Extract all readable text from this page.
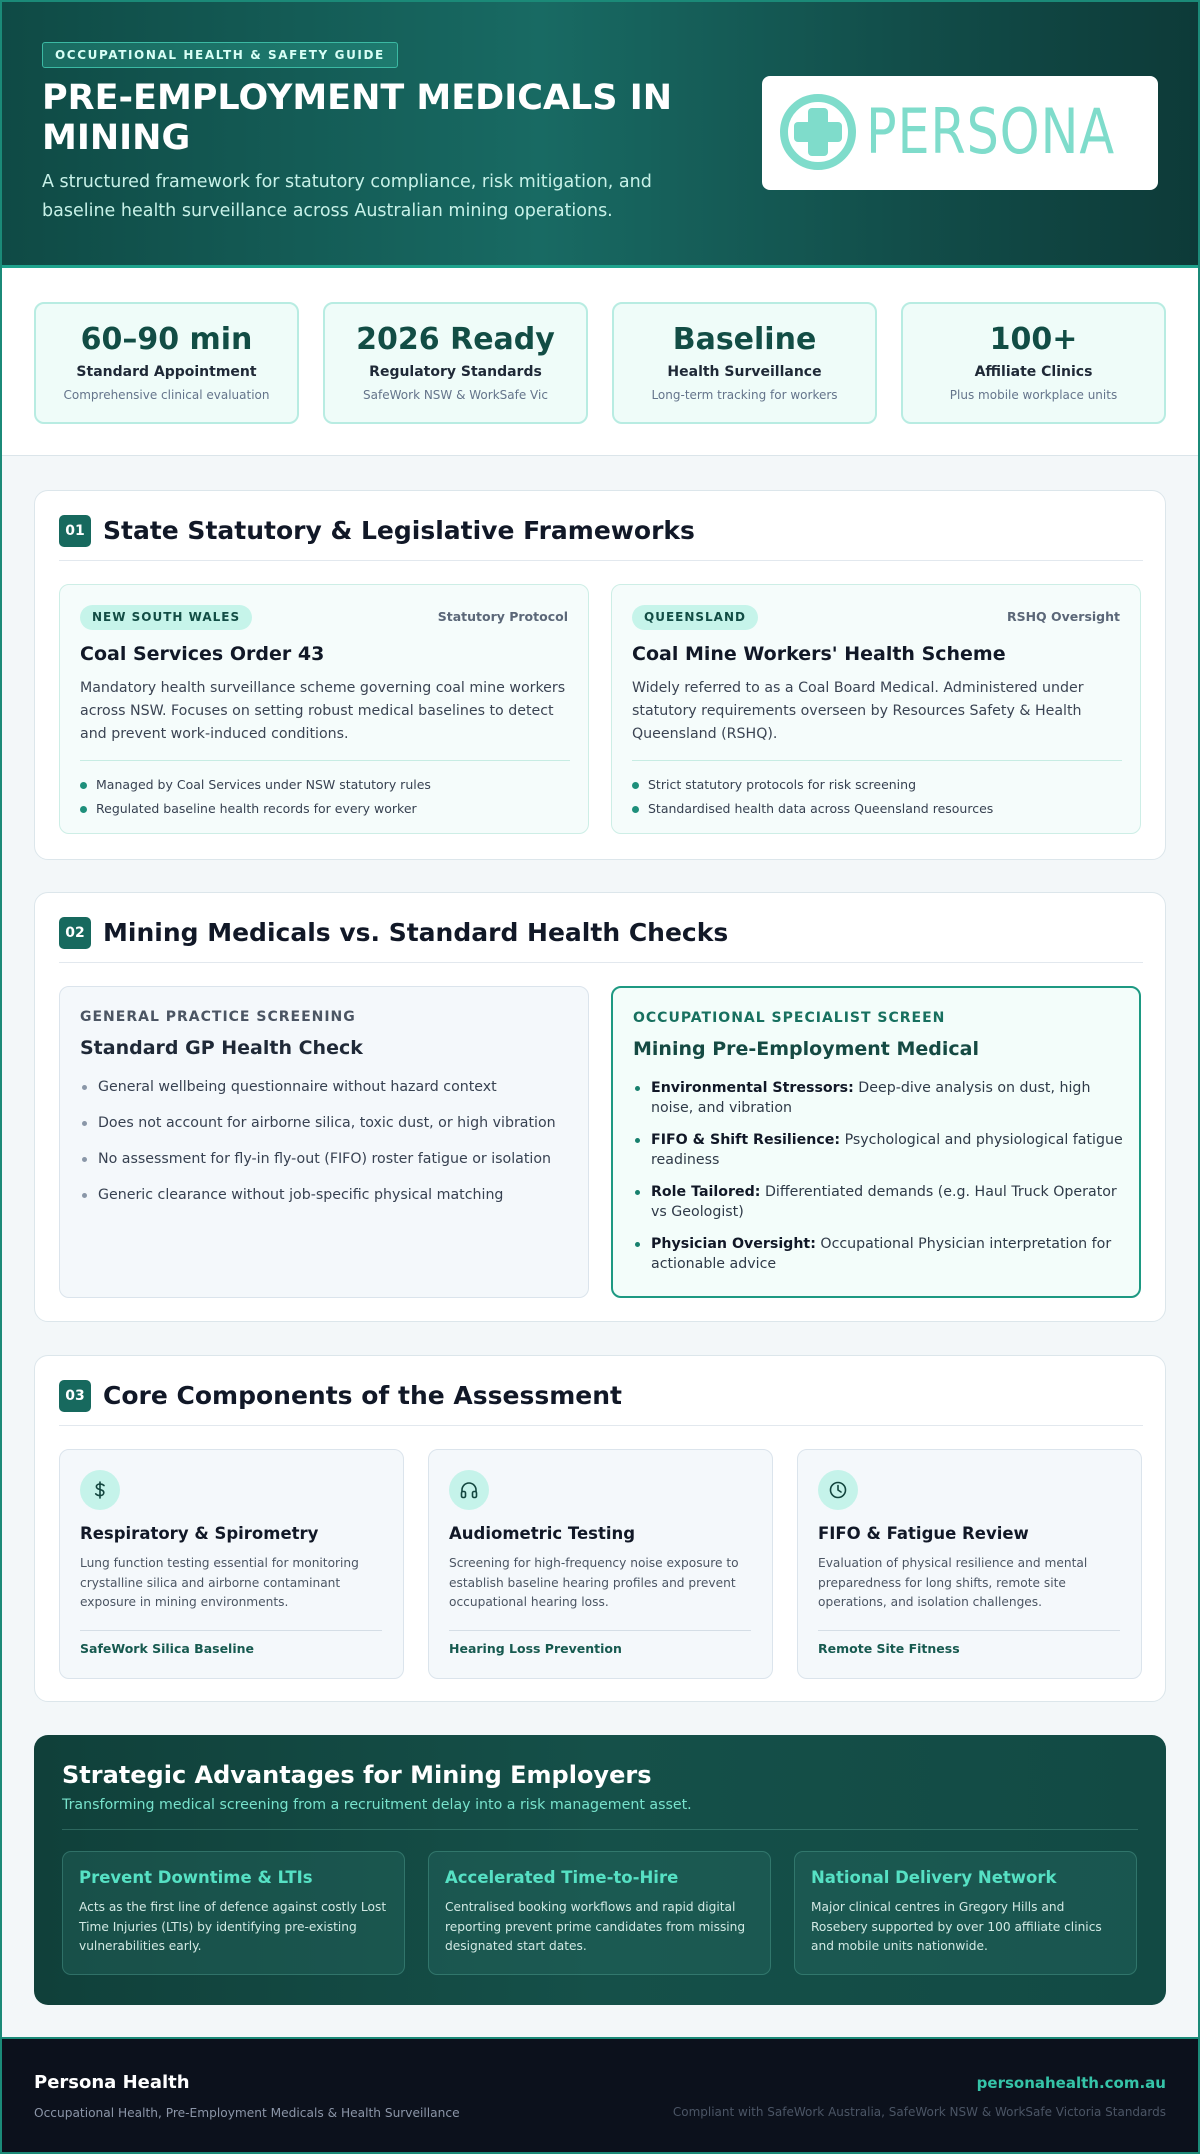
OCCUPATIONAL HEALTH & SAFETY GUIDE
PRE-EMPLOYMENT MEDICALS IN MINING

A structured framework for statutory compliance, risk mitigation, and baseline health surveillance across Australian mining operations.

PERSONA
60–90 min
Standard Appointment
Comprehensive clinical evaluation
2026 Ready
Regulatory Standards
SafeWork NSW & WorkSafe Vic
Baseline
Health Surveillance
Long-term tracking for workers
100+
Affiliate Clinics
Plus mobile workplace units
01 State Statutory & Legislative Frameworks
NEW SOUTH WALES	Statutory Protocol
Coal Services Order 43

Mandatory health surveillance scheme governing coal mine workers across NSW. Focuses on setting robust medical baselines to detect and prevent work-induced conditions.

Managed by Coal Services under NSW statutory rules
Regulated baseline health records for every worker
QUEENSLAND	RSHQ Oversight
Coal Mine Workers' Health Scheme

Widely referred to as a Coal Board Medical. Administered under statutory requirements overseen by Resources Safety & Health Queensland (RSHQ).

Strict statutory protocols for risk screening
Standardised health data across Queensland resources
02 Mining Medicals vs. Standard Health Checks
GENERAL PRACTICE SCREENING
Standard GP Health Check
General wellbeing questionnaire without hazard context
Does not account for airborne silica, toxic dust, or high vibration
No assessment for fly-in fly-out (FIFO) roster fatigue or isolation
Generic clearance without job-specific physical matching
OCCUPATIONAL SPECIALIST SCREEN
Mining Pre-Employment Medical
Environmental Stressors: Deep-dive analysis on dust, high noise, and vibration
FIFO & Shift Resilience: Psychological and physiological fatigue readiness
Role Tailored: Differentiated demands (e.g. Haul Truck Operator vs Geologist)
Physician Oversight: Occupational Physician interpretation for actionable advice
03 Core Components of the Assessment
Respiratory & Spirometry

Lung function testing essential for monitoring crystalline silica and airborne contaminant exposure in mining environments.

SafeWork Silica Baseline
Audiometric Testing

Screening for high-frequency noise exposure to establish baseline hearing profiles and prevent occupational hearing loss.

Hearing Loss Prevention
FIFO & Fatigue Review

Evaluation of physical resilience and mental preparedness for long shifts, remote site operations, and isolation challenges.

Remote Site Fitness
Strategic Advantages for Mining Employers

Transforming medical screening from a recruitment delay into a risk management asset.

Prevent Downtime & LTIs

Acts as the first line of defence against costly Lost Time Injuries (LTIs) by identifying pre-existing vulnerabilities early.

Accelerated Time-to-Hire

Centralised booking workflows and rapid digital reporting prevent prime candidates from missing designated start dates.

National Delivery Network

Major clinical centres in Gregory Hills and Rosebery supported by over 100 affiliate clinics and mobile units nationwide.

Persona Health
Occupational Health, Pre-Employment Medicals & Health Surveillance
personahealth.com.au
Compliant with SafeWork Australia, SafeWork NSW & WorkSafe Victoria Standards
